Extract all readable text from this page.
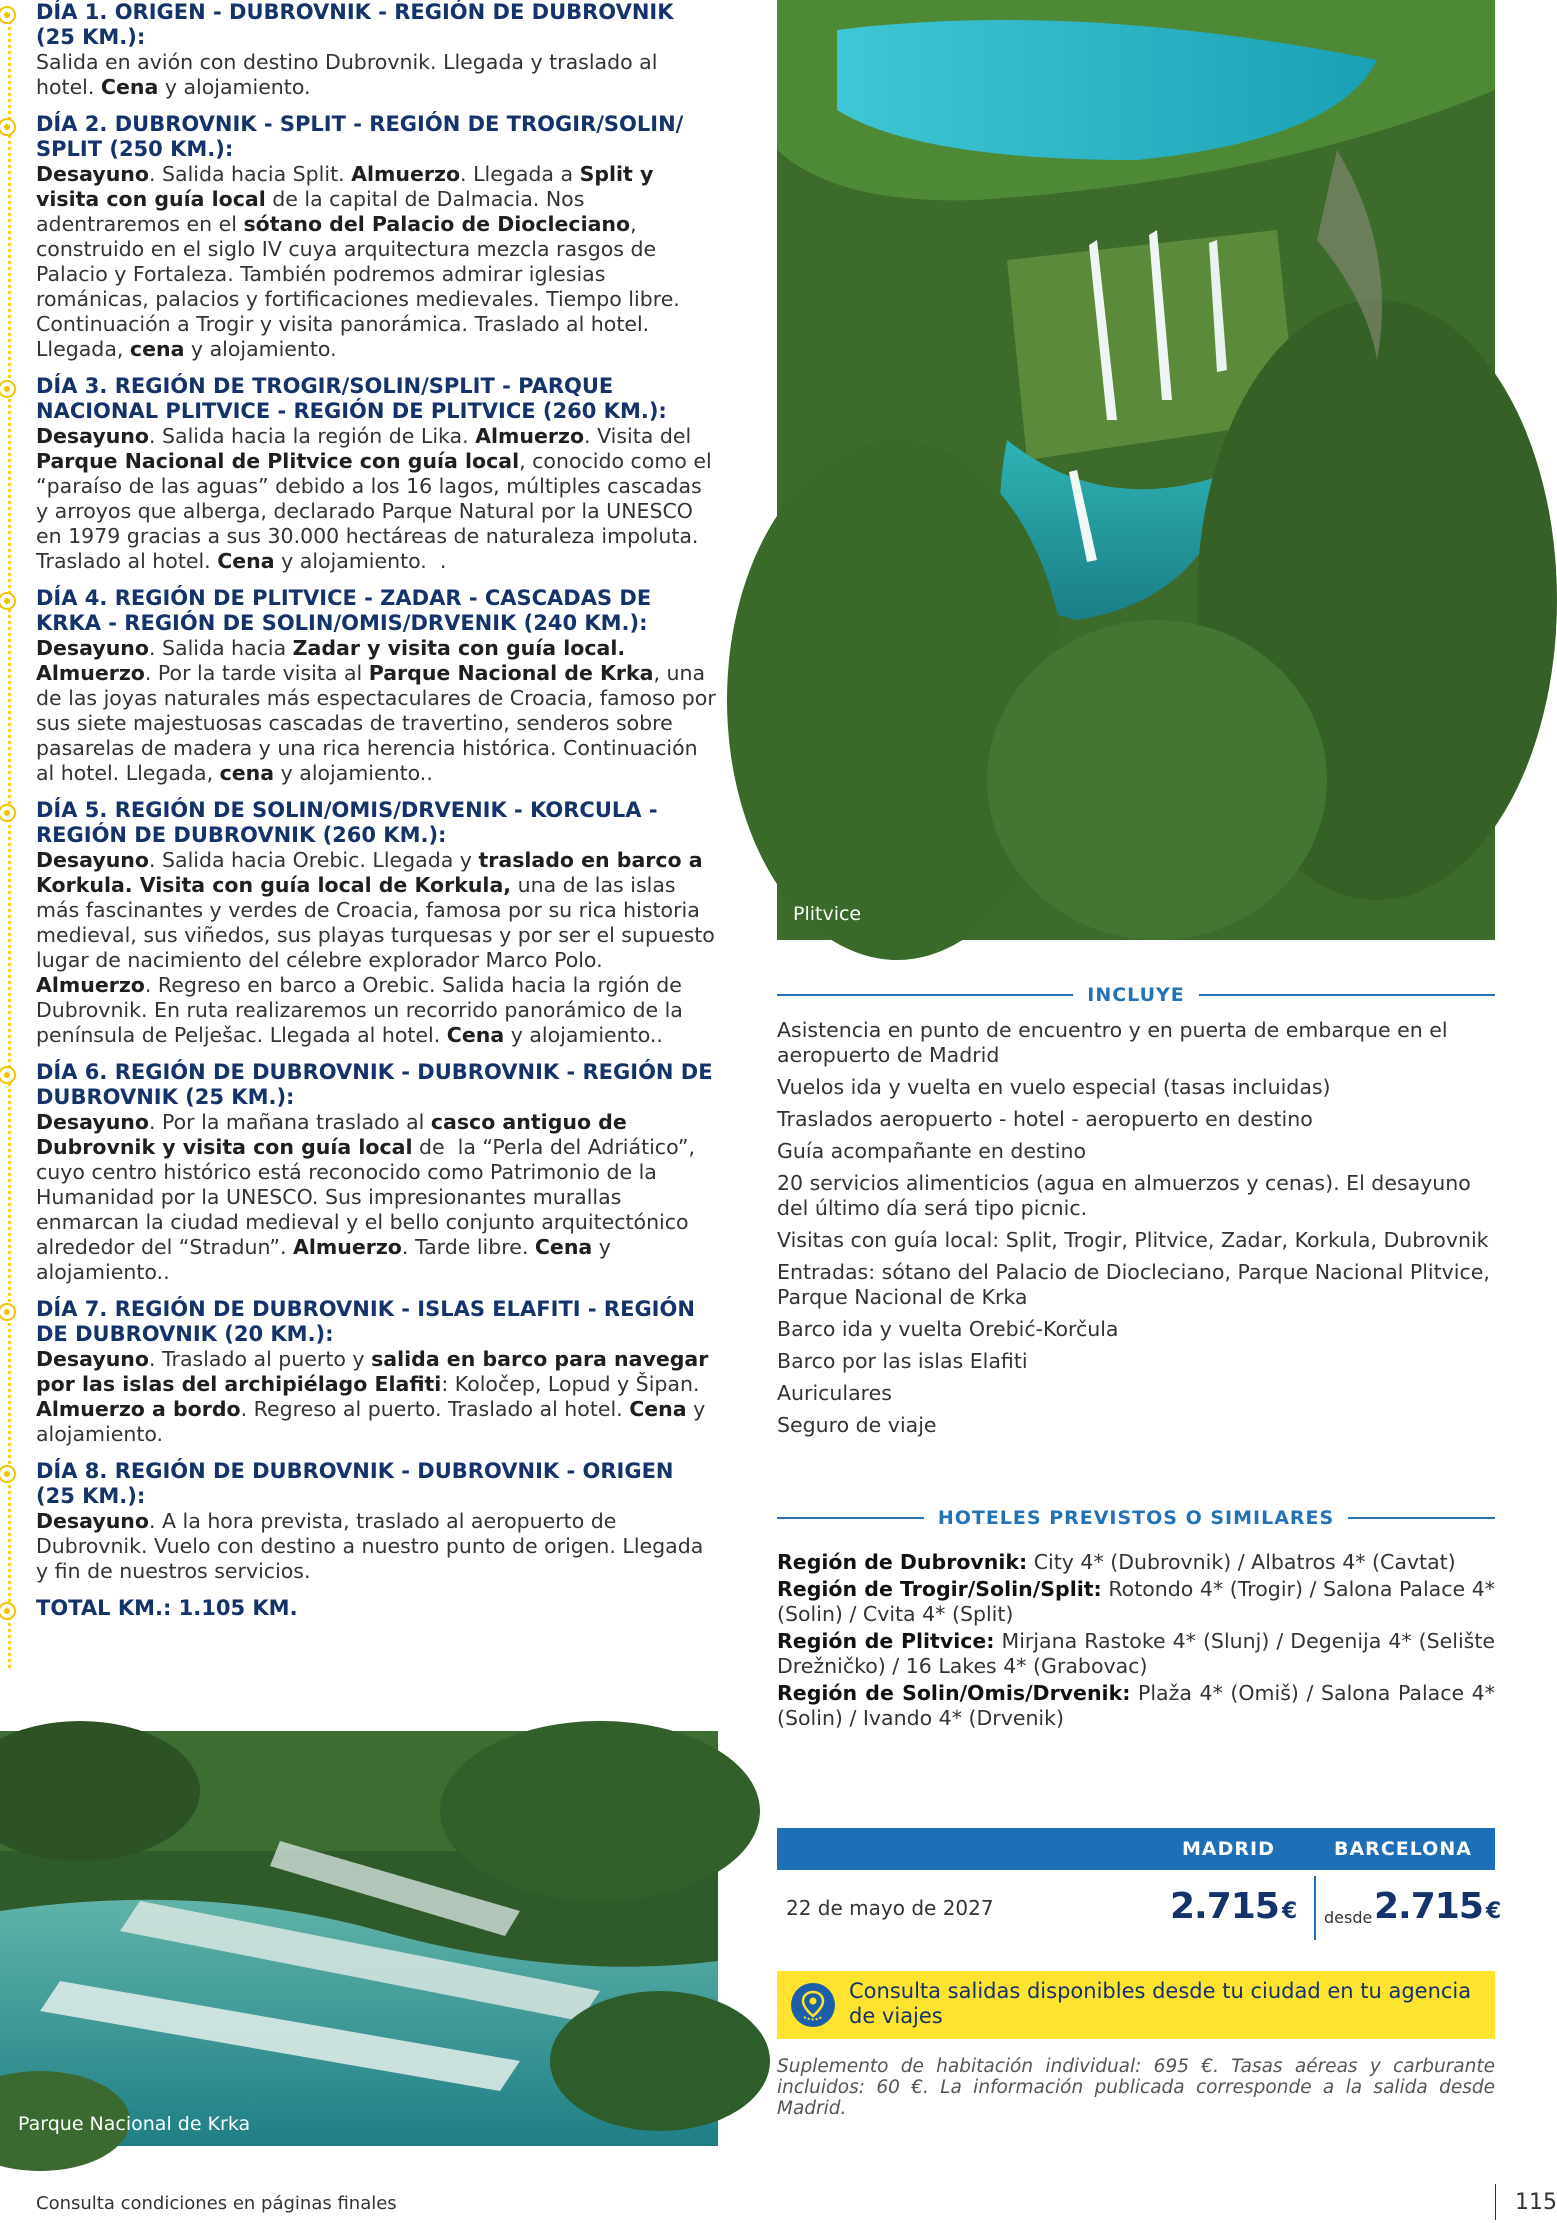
DÍA 1. ORIGEN - DUBROVNIK - REGIÓN DE DUBROVNIK (25 KM.):

Salida en avión con destino Dubrovnik. Llegada y traslado al hotel. Cena y alojamiento.

DÍA 2. DUBROVNIK - SPLIT - REGIÓN DE TROGIR/SOLIN/ SPLIT (250 KM.):

Desayuno. Salida hacia Split. Almuerzo. Llegada a Split y visita con guía local de la capital de Dalmacia. Nos adentraremos en el sótano del Palacio de Diocleciano, construido en el siglo IV cuya arquitectura mezcla rasgos de Palacio y Fortaleza. También podremos admirar iglesias románicas, palacios y fortificaciones medievales. Tiempo libre. Continuación a Trogir y visita panorámica. Traslado al hotel. Llegada, cena y alojamiento.

DÍA 3. REGIÓN DE TROGIR/SOLIN/SPLIT - PARQUE NACIONAL PLITVICE - REGIÓN DE PLITVICE (260 KM.):

Desayuno. Salida hacia la región de Lika. Almuerzo. Visita del Parque Nacional de Plitvice con guía local, conocido como el “paraíso de las aguas” debido a los 16 lagos, múltiples cascadas y arroyos que alberga, declarado Parque Natural por la UNESCO en 1979 gracias a sus 30.000 hectáreas de naturaleza impoluta. Traslado al hotel. Cena y alojamiento.  .

DÍA 4. REGIÓN DE PLITVICE - ZADAR - CASCADAS DE KRKA - REGIÓN DE SOLIN/OMIS/DRVENIK (240 KM.):

Desayuno. Salida hacia Zadar y visita con guía local. Almuerzo. Por la tarde visita al Parque Nacional de Krka, una de las joyas naturales más espectaculares de Croacia, famoso por sus siete majestuosas cascadas de travertino, senderos sobre pasarelas de madera y una rica herencia histórica. Continuación al hotel. Llegada, cena y alojamiento..

DÍA 5. REGIÓN DE SOLIN/OMIS/DRVENIK - KORCULA - REGIÓN DE DUBROVNIK (260 KM.):

Desayuno. Salida hacia Orebic. Llegada y traslado en barco a Korkula. Visita con guía local de Korkula, una de las islas más fascinantes y verdes de Croacia, famosa por su rica historia medieval, sus viñedos, sus playas turquesas y por ser el supuesto lugar de nacimiento del célebre explorador Marco Polo. Almuerzo. Regreso en barco a Orebic. Salida hacia la rgión de Dubrovnik. En ruta realizaremos un recorrido panorámico de la península de Pelješac. Llegada al hotel. Cena y alojamiento..

DÍA 6. REGIÓN DE DUBROVNIK - DUBROVNIK - REGIÓN DE DUBROVNIK (25 KM.):

Desayuno. Por la mañana traslado al casco antiguo de Dubrovnik y visita con guía local de  la “Perla del Adriático”, cuyo centro histórico está reconocido como Patrimonio de la Humanidad por la UNESCO. Sus impresionantes murallas enmarcan la ciudad medieval y el bello conjunto arquitectónico alrededor del “Stradun”. Almuerzo. Tarde libre. Cena y alojamiento..

DÍA 7. REGIÓN DE DUBROVNIK - ISLAS ELAFITI - REGIÓN DE DUBROVNIK (20 KM.):

Desayuno. Traslado al puerto y salida en barco para navegar por las islas del archipiélago Elafiti: Koločep, Lopud y Šipan. Almuerzo a bordo. Regreso al puerto. Traslado al hotel. Cena y alojamiento.

DÍA 8. REGIÓN DE DUBROVNIK - DUBROVNIK - ORIGEN (25 KM.):

Desayuno. A la hora prevista, traslado al aeropuerto de Dubrovnik. Vuelo con destino a nuestro punto de origen. Llegada y fin de nuestros servicios.

TOTAL KM.: 1.105 KM.
Parque Nacional de Krka
Plitvice
INCLUYE
Asistencia en punto de encuentro y en puerta de embarque en el aeropuerto de Madrid
Vuelos ida y vuelta en vuelo especial (tasas incluidas)
Traslados aeropuerto - hotel - aeropuerto en destino
Guía acompañante en destino
20 servicios alimenticios (agua en almuerzos y cenas). El desayuno del último día será tipo picnic.
Visitas con guía local: Split, Trogir, Plitvice, Zadar, Korkula, Dubrovnik
Entradas: sótano del Palacio de Diocleciano, Parque Nacional Plitvice, Parque Nacional de Krka
Barco ida y vuelta Orebić-Korčula
Barco por las islas Elafiti
Auriculares
Seguro de viaje
HOTELES PREVISTOS O SIMILARES
Región de Dubrovnik: City 4* (Dubrovnik) / Albatros 4* (Cavtat)
Región de Trogir/Solin/Split: Rotondo 4* (Trogir) / Salona Palace 4* (Solin) / Cvita 4* (Split)
Región de Plitvice: Mirjana Rastoke 4* (Slunj) / Degenija 4* (Selište Drežničko) / 16 Lakes 4* (Grabovac)
Región de Solin/Omis/Drvenik: Plaža 4* (Omiš) / Salona Palace 4* (Solin) / Ivando 4* (Drvenik)
MADRID	BARCELONA
22 de mayo de 2027	2.715 € desde 2.715 €
Consulta salidas disponibles desde tu ciudad en tu agencia de viajes
Suplemento de habitación individual: 695 €. Tasas aéreas y carburante incluidos: 60 €. La información publicada corresponde a la salida desde Madrid.
Consulta condiciones en páginas finales	115
